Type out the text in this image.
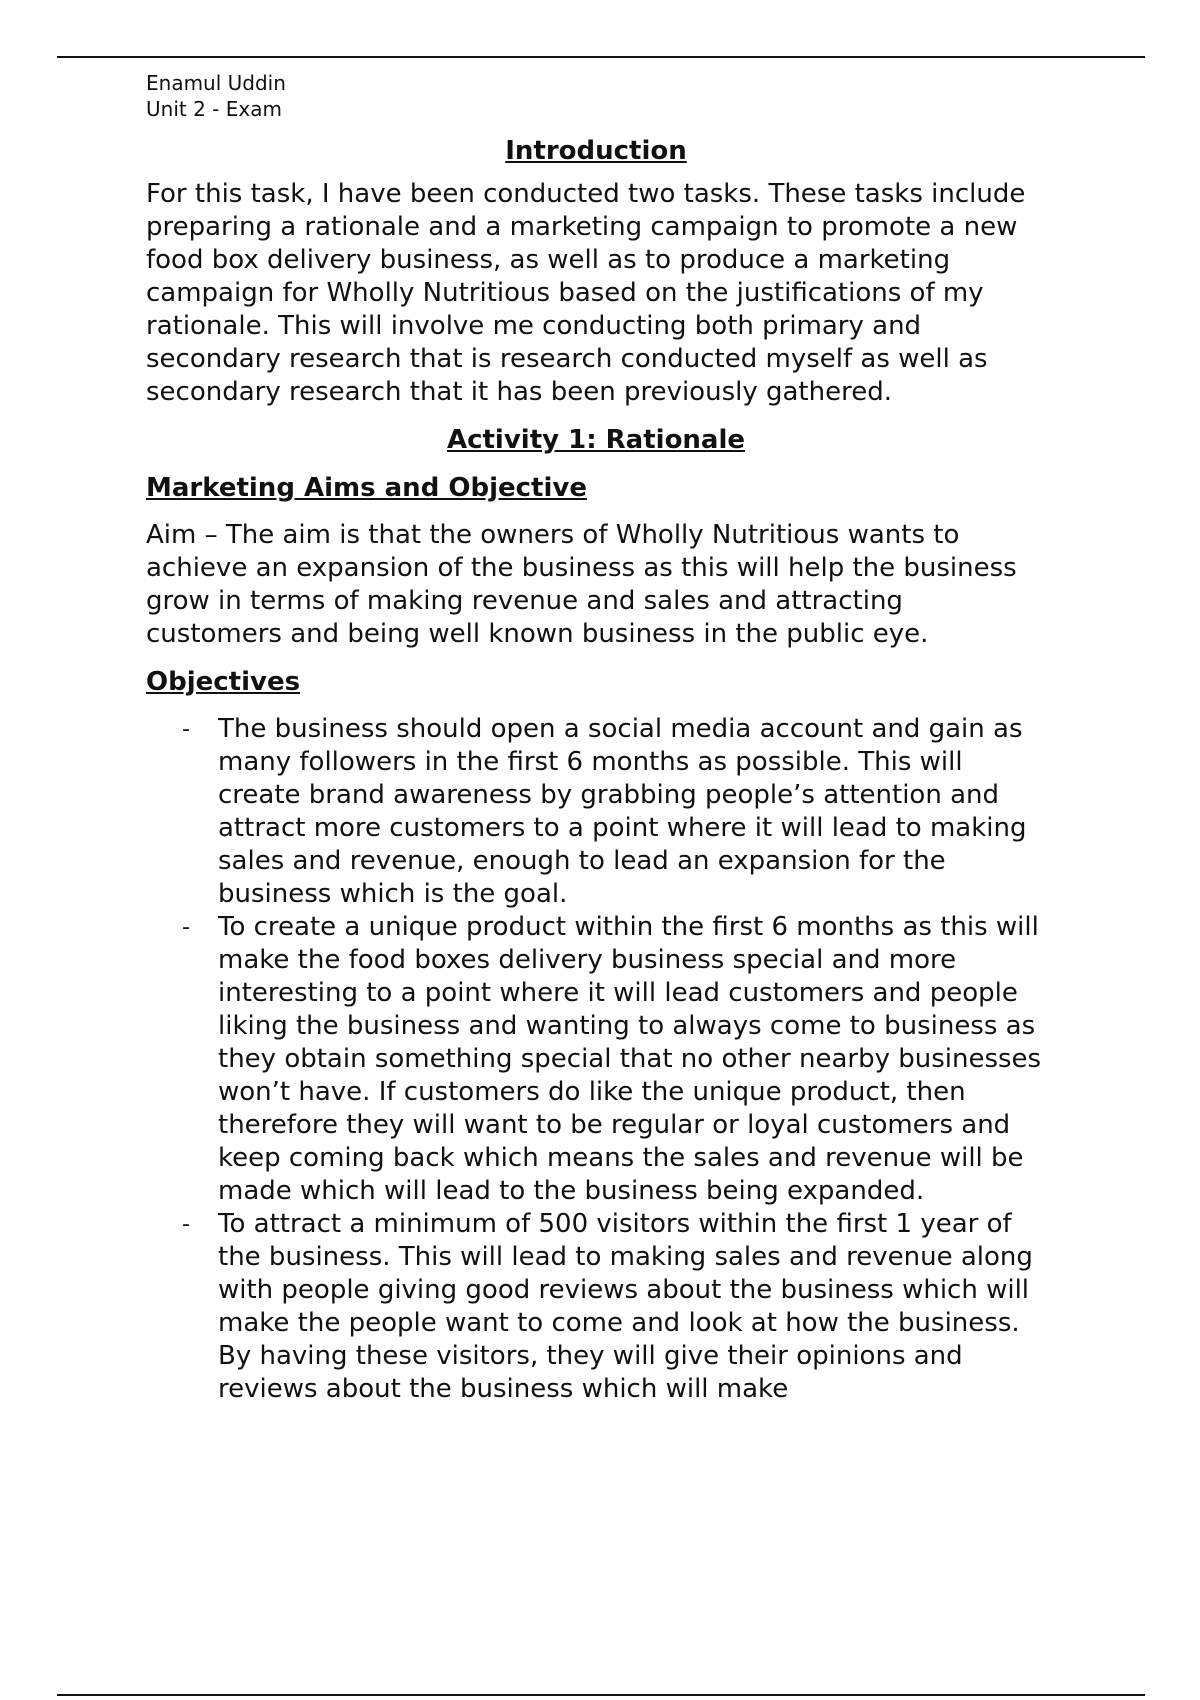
Enamul Uddin
Unit 2 - Exam
Introduction

For this task, I have been conducted two tasks. These tasks include preparing a rationale and a marketing campaign to promote a new food box delivery business, as well as to produce a marketing campaign for Wholly Nutritious based on the justifications of my rationale. This will involve me conducting both primary and secondary research that is research conducted myself as well as secondary research that it has been previously gathered.

Activity 1: Rationale
Marketing Aims and Objective

Aim – The aim is that the owners of Wholly Nutritious wants to achieve an expansion of the business as this will help the business grow in terms of making revenue and sales and attracting customers and being well known business in the public eye.

Objectives
- The business should open a social media account and gain as many followers in the first 6 months as possible. This will create brand awareness by grabbing people’s attention and attract more customers to a point where it will lead to making sales and revenue, enough to lead an expansion for the business which is the goal.
- To create a unique product within the first 6 months as this will make the food boxes delivery business special and more interesting to a point where it will lead customers and people liking the business and wanting to always come to business as they obtain something special that no other nearby businesses won’t have. If customers do like the unique product, then therefore they will want to be regular or loyal customers and keep coming back which means the sales and revenue will be made which will lead to the business being expanded.
- To attract a minimum of 500 visitors within the first 1 year of the business. This will lead to making sales and revenue along with people giving good reviews about the business which will make the people want to come and look at how the business. By having these visitors, they will give their opinions and reviews about the business which will make
